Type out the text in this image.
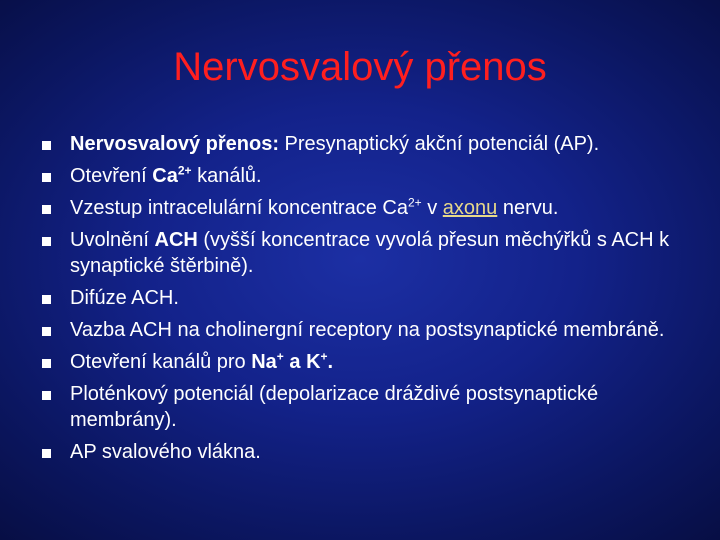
Nervosvalový přenos
Nervosvalový přenos: Presynaptický akční potenciál (AP).
Otevření $Ca^{2+}$ kanálů.
Vzestup intracelulární koncentrace $Ca^{2+}$ v axonu nervu.
Uvolnění ACH (vyšší koncentrace vyvolá přesun měchýřků s ACH k synaptické štěrbině).
Difúze ACH.
Vazba ACH na cholinergní receptory na postsynaptické membráně.
Otevření kanálů pro Na+ a K+.
Ploténkový potenciál (depolarizace dráždivé postsynaptické membrány).
AP svalového vlákna.
